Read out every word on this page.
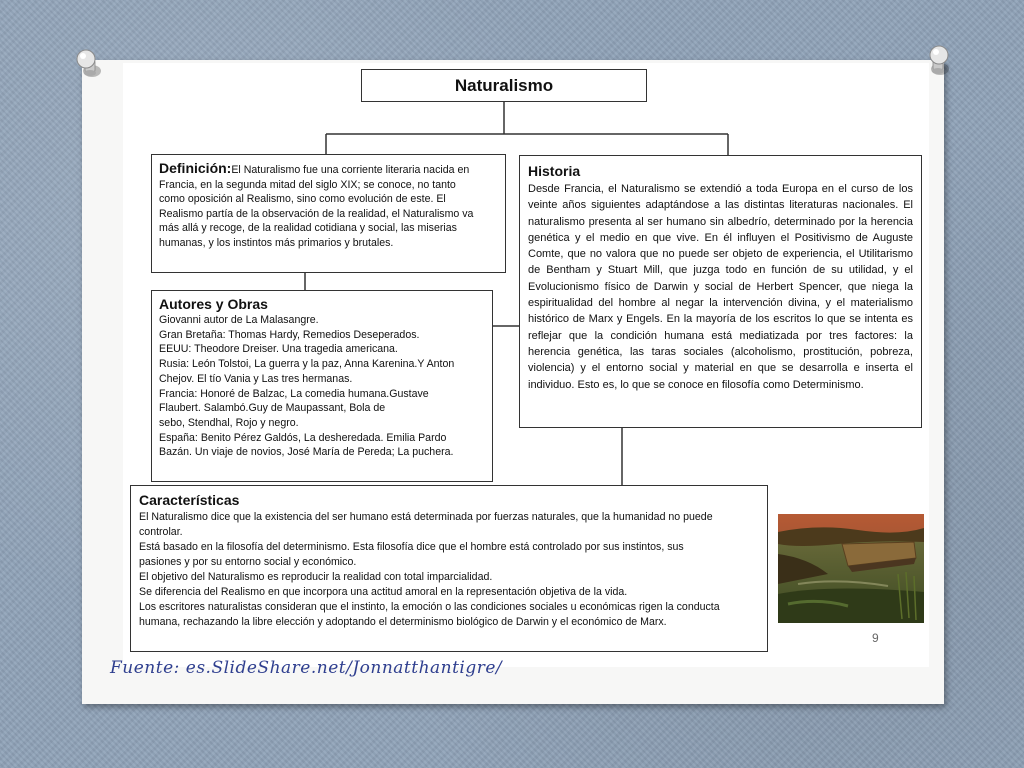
Naturalismo
Definición:El Naturalismo fue una corriente literaria nacida en
Francia, en la segunda mitad del siglo XIX; se conoce, no tanto
como oposición al Realismo, sino como evolución de este. El
Realismo partía de la observación de la realidad, el Naturalismo va
más allá y recoge, de la realidad cotidiana y social, las miserias
humanas, y los instintos más primarios y brutales.
Historia
Desde Francia, el Naturalismo se extendió a toda Europa en el curso de los veinte años siguientes adaptándose a las distintas literaturas nacionales. El naturalismo presenta al ser humano sin albedrío, determinado por la herencia genética y el medio en que vive. En él influyen el Positivismo de Auguste Comte, que no valora que no puede ser objeto de experiencia, el Utilitarismo de Bentham y Stuart Mill, que juzga todo en función de su utilidad, y el Evolucionismo físico de Darwin y social de Herbert Spencer, que niega la espiritualidad del hombre al negar la intervención divina, y el materialismo histórico de Marx y Engels. En la mayoría de los escritos lo que se intenta es reflejar que la condición humana está mediatizada por tres factores: la herencia genética, las taras sociales (alcoholismo, prostitución, pobreza, violencia) y el entorno social y material en que se desarrolla e inserta el individuo. Esto es, lo que se conoce en filosofía como Determinismo.
Autores y Obras
Giovanni autor de La Malasangre.
Gran Bretaña: Thomas Hardy, Remedios Deseperados.
EEUU: Theodore Dreiser. Una tragedia americana.
Rusia: León Tolstoi, La guerra y la paz, Anna Karenina.Y Anton
Chejov. El tío Vania y Las tres hermanas.
Francia: Honoré de Balzac, La comedia humana.Gustave
Flaubert. Salambó.Guy de Maupassant, Bola de
sebo, Stendhal, Rojo y negro.
España: Benito Pérez Galdós, La desheredada. Emilia Pardo
Bazán. Un viaje de novios, José María de Pereda; La puchera.
Características
El Naturalismo dice que la existencia del ser humano está determinada por fuerzas naturales, que la humanidad no puede
controlar.
Está basado en la filosofía del determinismo. Esta filosofía dice que el hombre está controlado por sus instintos, sus
pasiones y por su entorno social y económico.
El objetivo del Naturalismo es reproducir la realidad con total imparcialidad.
Se diferencia del Realismo en que incorpora una actitud amoral en la representación objetiva de la vida.
Los escritores naturalistas consideran que el instinto, la emoción o las condiciones sociales u económicas rigen la conducta
humana, rechazando la libre elección y adoptando el determinismo biológico de Darwin y el económico de Marx.
9
Fuente: es.SlideShare.net/Jonnatthantigre/
